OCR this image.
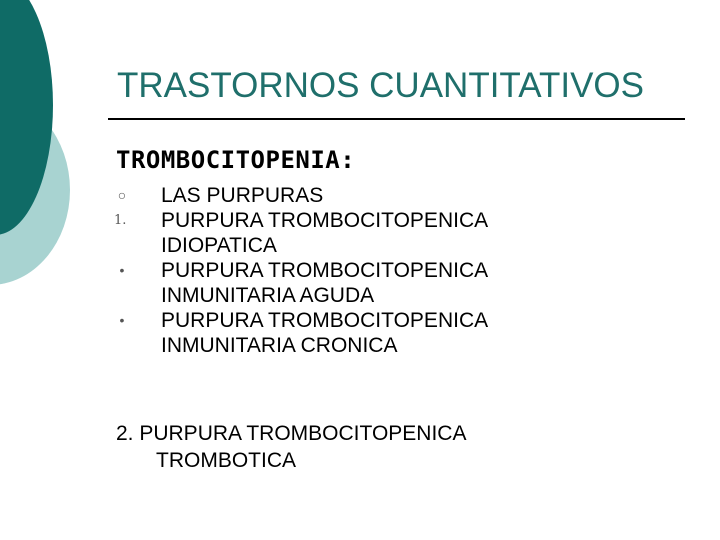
TRASTORNOS CUANTITATIVOS
TROMBOCITOPENIA:
○ LAS PURPURAS
1.	PURPURA TROMBOCITOPENICA IDIOPATICA
•	PURPURA TROMBOCITOPENICA INMUNITARIA AGUDA
•	PURPURA TROMBOCITOPENICA INMUNITARIA CRONICA
2. PURPURA TROMBOCITOPENICA
TROMBOTICA
